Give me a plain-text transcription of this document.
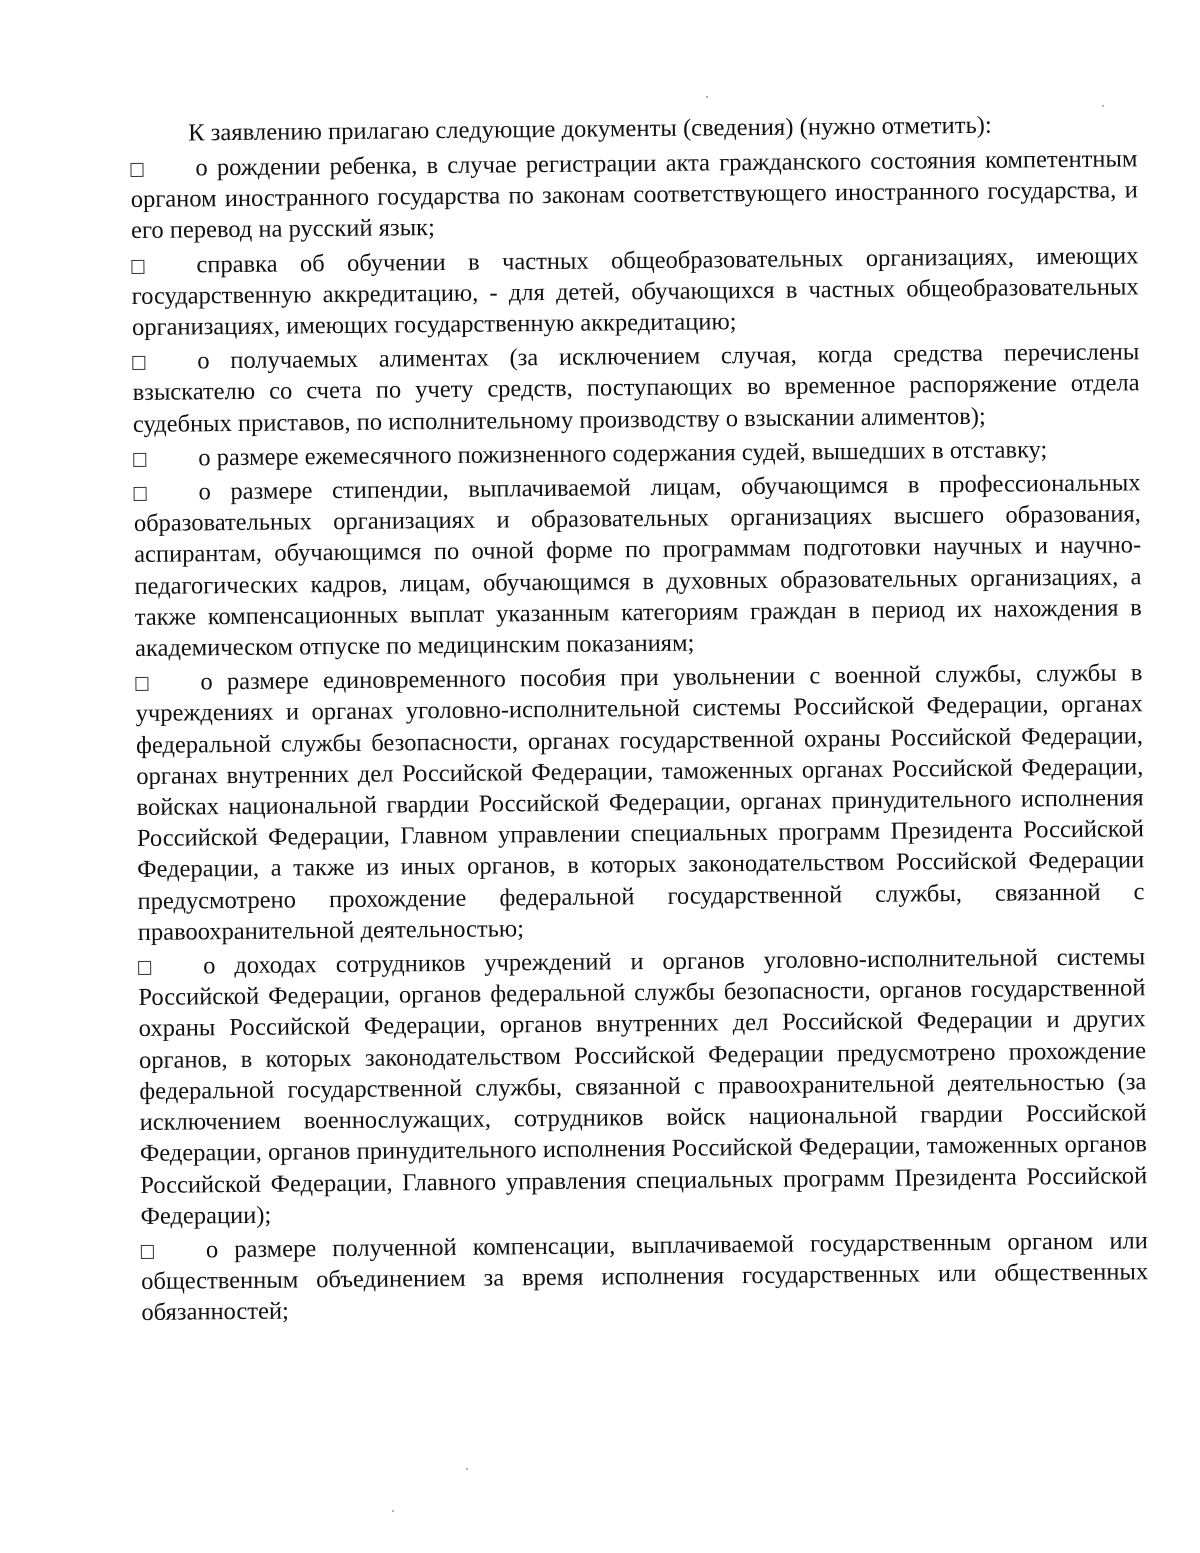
К заявлению прилагаю следующие документы (сведения) (нужно отметить):

о рождении ребенка, в случае регистрации акта гражданского состояния компетентным органом иностранного государства по законам соответствующего иностранного государства, и его перевод на русский язык;

справка об обучении в частных общеобразовательных организациях, имеющих государственную аккредитацию, - для детей, обучающихся в частных общеобразовательных организациях, имеющих государственную аккредитацию;

о получаемых алиментах (за исключением случая, когда средства перечислены взыскателю со счета по учету средств, поступающих во временное распоряжение отдела судебных приставов, по исполнительному производству о взыскании алиментов);

о размере ежемесячного пожизненного содержания судей, вышедших в отставку;

о размере стипендии, выплачиваемой лицам, обучающимся в профессиональных образовательных организациях и образовательных организациях высшего образования, аспирантам, обучающимся по очной форме по программам подготовки научных и научно-педагогических кадров, лицам, обучающимся в духовных образовательных организациях, а также компенсационных выплат указанным категориям граждан в период их нахождения в академическом отпуске по медицинским показаниям;

о размере единовременного пособия при увольнении с военной службы, службы в учреждениях и органах уголовно-исполнительной системы Российской Федерации, органах федеральной службы безопасности, органах государственной охраны Российской Федерации, органах внутренних дел Российской Федерации, таможенных органах Российской Федерации, войсках национальной гвардии Российской Федерации, органах принудительного исполнения Российской Федерации, Главном управлении специальных программ Президента Российской Федерации, а также из иных органов, в которых законодательством Российской Федерации предусмотрено прохождение федеральной государственной службы, связанной с правоохранительной деятельностью;

о доходах сотрудников учреждений и органов уголовно-исполнительной системы Российской Федерации, органов федеральной службы безопасности, органов государственной охраны Российской Федерации, органов внутренних дел Российской Федерации и других органов, в которых законодательством Российской Федерации предусмотрено прохождение федеральной государственной службы, связанной с правоохранительной деятельностью (за исключением военнослужащих, сотрудников войск национальной гвардии Российской Федерации, органов принудительного исполнения Российской Федерации, таможенных органов Российской Федерации, Главного управления специальных программ Президента Российской Федерации);

о размере полученной компенсации, выплачиваемой государственным органом или общественным объединением за время исполнения государственных или общественных обязанностей;
